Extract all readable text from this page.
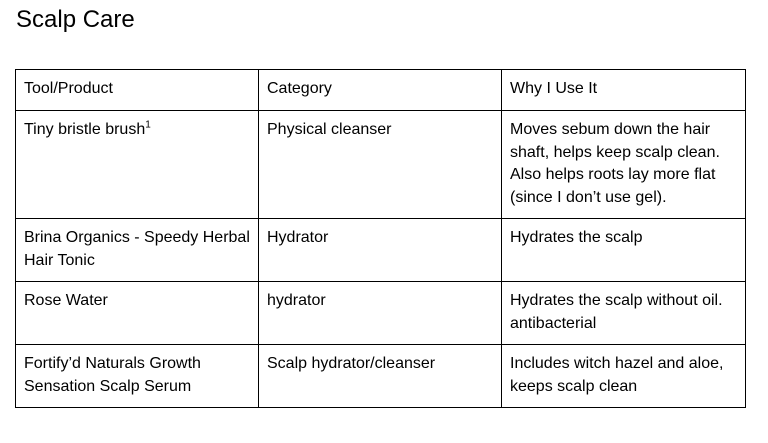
Scalp Care
Tool/Product	Category	Why I Use It
Tiny bristle brush$^1$	Physical cleanser	Moves sebum down the hair shaft, helps keep scalp clean. Also helps roots lay more flat (since I don’t use gel).
Brina Organics - Speedy Herbal Hair Tonic	Hydrator	Hydrates the scalp
Rose Water	hydrator	Hydrates the scalp without oil. antibacterial
Fortify’d Naturals Growth Sensation Scalp Serum	Scalp hydrator/cleanser	Includes witch hazel and aloe, keeps scalp clean
